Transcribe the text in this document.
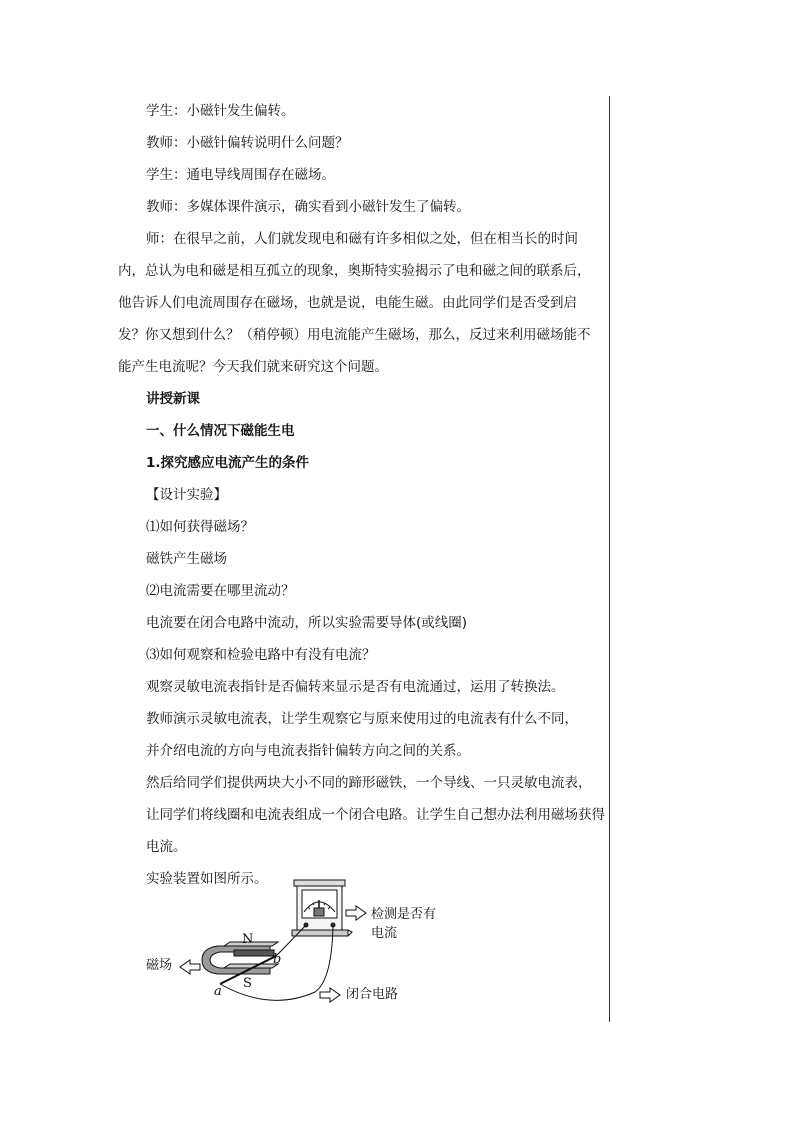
学生：小磁针发生偏转。
教师：小磁针偏转说明什么问题？
学生：通电导线周围存在磁场。
教师：多媒体课件演示，确实看到小磁针发生了偏转。
师：在很早之前，人们就发现电和磁有许多相似之处，但在相当长的时间
内，总认为电和磁是相互孤立的现象，奥斯特实验揭示了电和磁之间的联系后，
他告诉人们电流周围存在磁场，也就是说，电能生磁。由此同学们是否受到启
发？你又想到什么？（稍停顿）用电流能产生磁场，那么，反过来利用磁场能不
能产生电流呢？今天我们就来研究这个问题。
讲授新课
一、什么情况下磁能生电
1.探究感应电流产生的条件
【设计实验】
⑴如何获得磁场？
磁铁产生磁场
⑵电流需要在哪里流动？
电流要在闭合电路中流动，所以实验需要导体(或线圈)
⑶如何观察和检验电路中有没有电流？
观察灵敏电流表指针是否偏转来显示是否有电流通过，运用了转换法。
教师演示灵敏电流表，让学生观察它与原来使用过的电流表有什么不同，
并介绍电流的方向与电流表指针偏转方向之间的关系。
然后给同学们提供两块大小不同的蹄形磁铁，一个导线、一只灵敏电流表，
让同学们将线圈和电流表组成一个闭合电路。让学生自己想办法利用磁场获得
电流。
实验装置如图所示。
检测是否有
电流
磁场
闭合电路
N
S
a
b
